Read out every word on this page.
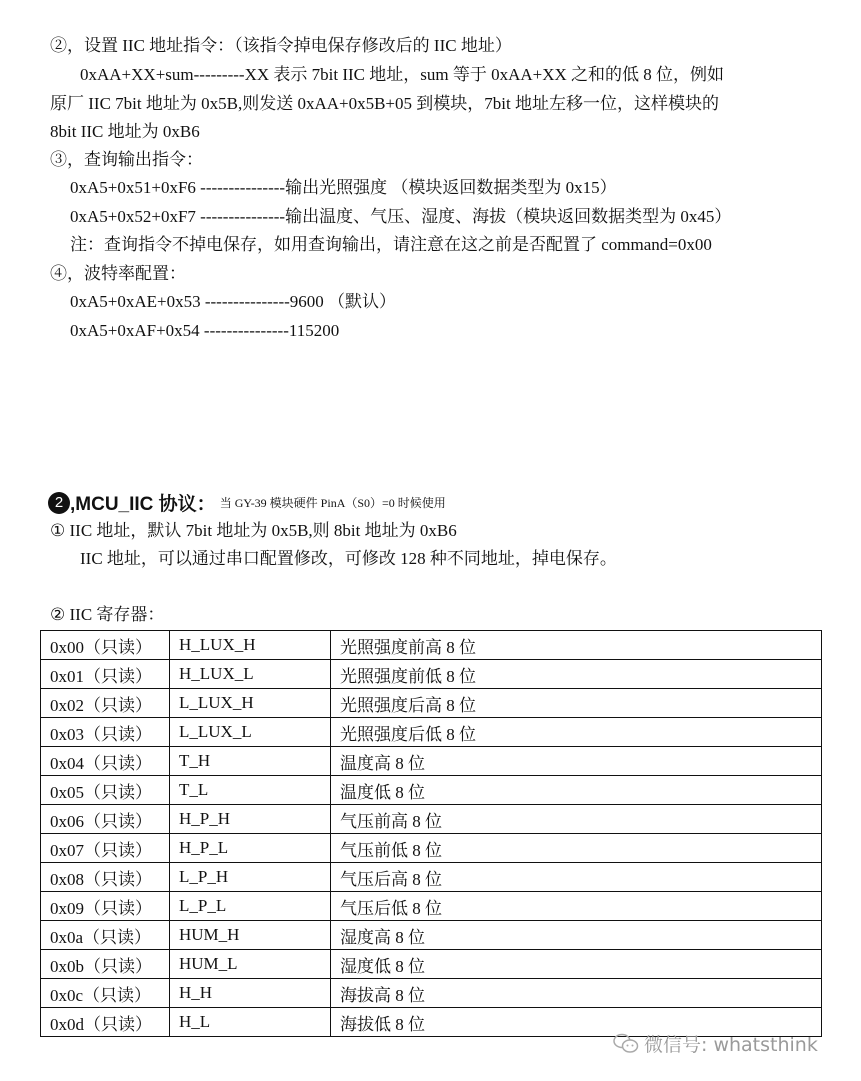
②，设置 IIC 地址指令：（该指令掉电保存修改后的 IIC 地址）
0xAA+XX+sum---------XX 表示 7bit IIC 地址，sum 等于 0xAA+XX 之和的低 8 位，例如
原厂 IIC 7bit 地址为 0x5B,则发送 0xAA+0x5B+05 到模块，7bit 地址左移一位，这样模块的
8bit IIC 地址为 0xB6
③，查询输出指令：
0xA5+0x51+0xF6 ---------------输出光照强度 （模块返回数据类型为 0x15）
0xA5+0x52+0xF7 ---------------输出温度、气压、湿度、海拔（模块返回数据类型为 0x45）
注：查询指令不掉电保存，如用查询输出，请注意在这之前是否配置了 command=0x00
④，波特率配置：
0xA5+0xAE+0x53 ---------------9600 （默认）
0xA5+0xAF+0x54 ---------------115200
2 ,MCU_IIC 协议： 当 GY-39 模块硬件 PinA（S0）=0 时候使用
① IIC 地址，默认 7bit 地址为 0x5B,则 8bit 地址为 0xB6
IIC 地址，可以通过串口配置修改，可修改 128 种不同地址，掉电保存。
② IIC 寄存器：
0x00（只读）	H_LUX_H	光照强度前高 8 位
0x01（只读）	H_LUX_L	光照强度前低 8 位
0x02（只读）	L_LUX_H	光照强度后高 8 位
0x03（只读）	L_LUX_L	光照强度后低 8 位
0x04（只读）	T_H	温度高 8 位
0x05（只读）	T_L	温度低 8 位
0x06（只读）	H_P_H	气压前高 8 位
0x07（只读）	H_P_L	气压前低 8 位
0x08（只读）	L_P_H	气压后高 8 位
0x09（只读）	L_P_L	气压后低 8 位
0x0a（只读）	HUM_H	湿度高 8 位
0x0b（只读）	HUM_L	湿度低 8 位
0x0c（只读）	H_H	海拔高 8 位
0x0d（只读）	H_L	海拔低 8 位
微信号: whatsthink
